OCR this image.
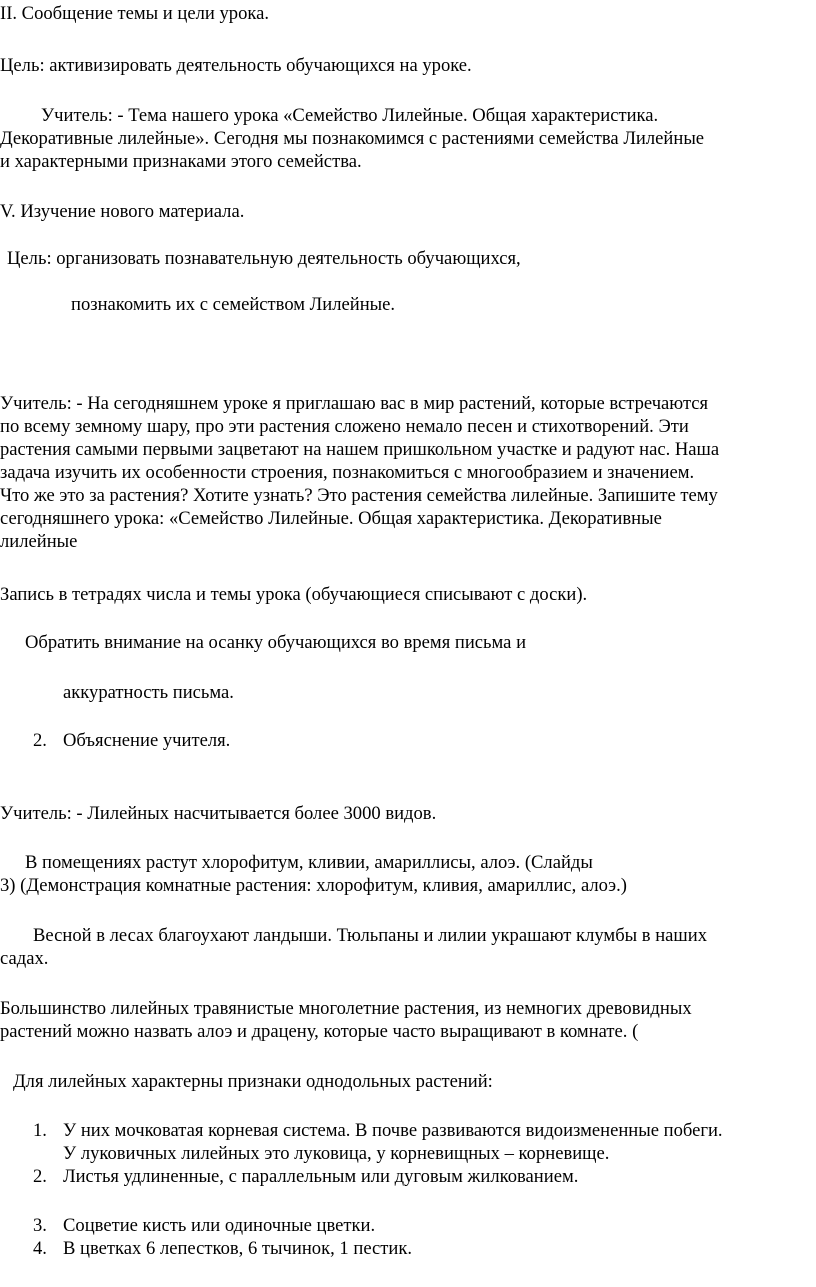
II. Сообщение темы и цели урока.

Цель: активизировать деятельность обучающихся на уроке.

Учитель: - Тема нашего урока «Семейство Лилейные. Общая характеристика.

Декоративные лилейные». Сегодня мы познакомимся с растениями семейства Лилейные

и характерными признаками этого семейства.

V. Изучение нового материала.

Цель: организовать познавательную деятельность обучающихся,

познакомить их с семейством Лилейные.

Учитель: - На сегодняшнем уроке я приглашаю вас в мир растений, которые встречаются

по всему земному шару, про эти растения сложено немало песен и стихотворений. Эти

растения самыми первыми зацветают на нашем пришкольном участке и радуют нас. Наша

задача изучить их особенности строения, познакомиться с многообразием и значением.

Что же это за растения? Хотите узнать? Это растения семейства лилейные. Запишите тему

сегодняшнего урока: «Семейство Лилейные. Общая характеристика. Декоративные

лилейные

Запись в тетрадях числа и темы урока (обучающиеся списывают с доски).

Обратить внимание на осанку обучающихся во время письма и

аккуратность письма.

2. Объяснение учителя.

Учитель: - Лилейных насчитывается более 3000 видов.

В помещениях растут хлорофитум, кливии, амариллисы, алоэ. (Слайды

3) (Демонстрация комнатные растения: хлорофитум, кливия, амариллис, алоэ.)

Весной в лесах благоухают ландыши. Тюльпаны и лилии украшают клумбы в наших

садах.

Большинство лилейных травянистые многолетние растения, из немногих древовидных

растений можно назвать алоэ и драцену, которые часто выращивают в комнате. (

Для лилейных характерны признаки однодольных растений:

1. У них мочковатая корневая система. В почве развиваются видоизмененные побеги.

У луковичных лилейных это луковица, у корневищных – корневище.

2. Листья удлиненные, с параллельным или дуговым жилкованием.

3. Соцветие кисть или одиночные цветки.

4. В цветках 6 лепестков, 6 тычинок, 1 пестик.
